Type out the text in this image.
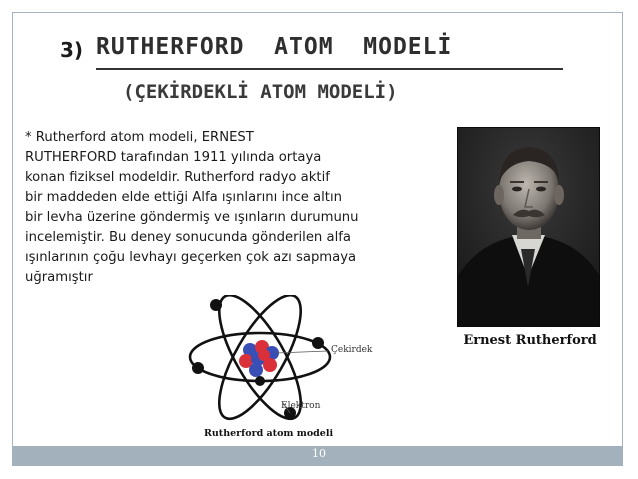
10
3) RUTHERFORD  ATOM  MODELİ
(ÇEKİRDEKLİ ATOM MODELİ)
* Rutherford atom modeli, ERNEST
RUTHERFORD tarafından 1911 yılında ortaya
konan fiziksel modeldir. Rutherford radyo aktif
bir maddeden elde ettiği Alfa ışınlarını ince altın
bir levha üzerine göndermiş ve ışınların durumunu
incelemiştir. Bu deney sonucunda gönderilen alfa
ışınlarının çoğu levhayı geçerken çok azı sapmaya
uğramıştır
Ernest Rutherford
Çekirdek
Elektron
Rutherford atom modeli
